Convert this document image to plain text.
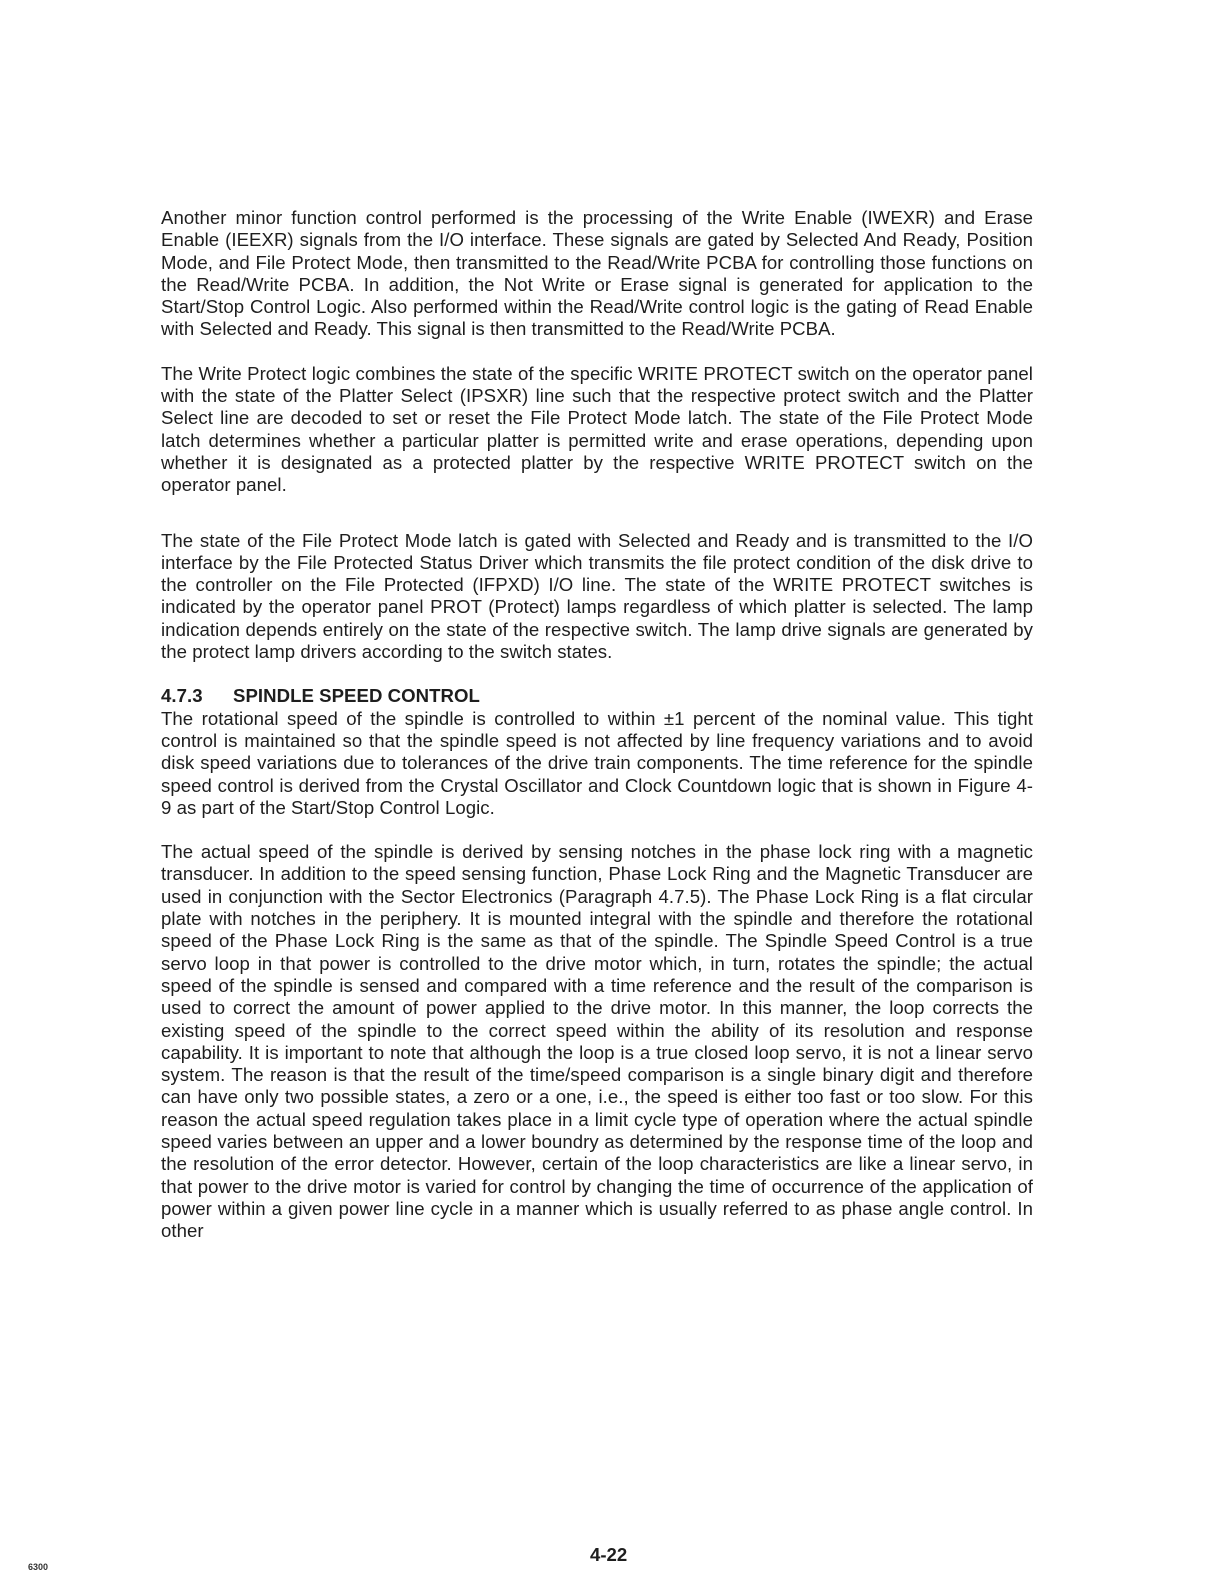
Another minor function control performed is the processing of the Write Enable (IWEXR) and Erase Enable (IEEXR) signals from the I/O interface. These signals are gated by Selected And Ready, Position Mode, and File Protect Mode, then transmitted to the Read/Write PCBA for controlling those functions on the Read/Write PCBA. In addition, the Not Write or Erase signal is generated for application to the Start/Stop Control Logic. Also performed within the Read/Write control logic is the gating of Read Enable with Selected and Ready. This signal is then transmitted to the Read/Write PCBA.

The Write Protect logic combines the state of the specific WRITE PROTECT switch on the operator panel with the state of the Platter Select (IPSXR) line such that the respective protect switch and the Platter Select line are decoded to set or reset the File Protect Mode latch. The state of the File Protect Mode latch determines whether a particular platter is permitted write and erase operations, depending upon whether it is designated as a protected platter by the respective WRITE PROTECT switch on the operator panel.

The state of the File Protect Mode latch is gated with Selected and Ready and is transmitted to the I/O interface by the File Protected Status Driver which transmits the file protect condition of the disk drive to the controller on the File Protected (IFPXD) I/O line. The state of the WRITE PROTECT switches is indicated by the operator panel PROT (Protect) lamps regardless of which platter is selected. The lamp indication depends entirely on the state of the respective switch. The lamp drive signals are generated by the protect lamp drivers according to the switch states.

4.7.3 SPINDLE SPEED CONTROL

The rotational speed of the spindle is controlled to within ±1 percent of the nominal value. This tight control is maintained so that the spindle speed is not affected by line frequency variations and to avoid disk speed variations due to tolerances of the drive train components. The time reference for the spindle speed control is derived from the Crystal Oscillator and Clock Countdown logic that is shown in Figure 4-9 as part of the Start/Stop Control Logic.

The actual speed of the spindle is derived by sensing notches in the phase lock ring with a magnetic transducer. In addition to the speed sensing function, Phase Lock Ring and the Magnetic Transducer are used in conjunction with the Sector Electronics (Paragraph 4.7.5). The Phase Lock Ring is a flat circular plate with notches in the periphery. It is mounted integral with the spindle and therefore the rotational speed of the Phase Lock Ring is the same as that of the spindle. The Spindle Speed Control is a true servo loop in that power is controlled to the drive motor which, in turn, rotates the spindle; the actual speed of the spindle is sensed and compared with a time reference and the result of the comparison is used to correct the amount of power applied to the drive motor. In this manner, the loop corrects the existing speed of the spindle to the correct speed within the ability of its resolution and response capability. It is important to note that although the loop is a true closed loop servo, it is not a linear servo system. The reason is that the result of the time/speed comparison is a single binary digit and therefore can have only two possible states, a zero or a one, i.e., the speed is either too fast or too slow. For this reason the actual speed regulation takes place in a limit cycle type of operation where the actual spindle speed varies between an upper and a lower boundry as determined by the response time of the loop and the resolution of the error detector. However, certain of the loop characteristics are like a linear servo, in that power to the drive motor is varied for control by changing the time of occurrence of the application of power within a given power line cycle in a manner which is usually referred to as phase angle control. In other

4-22
6300
